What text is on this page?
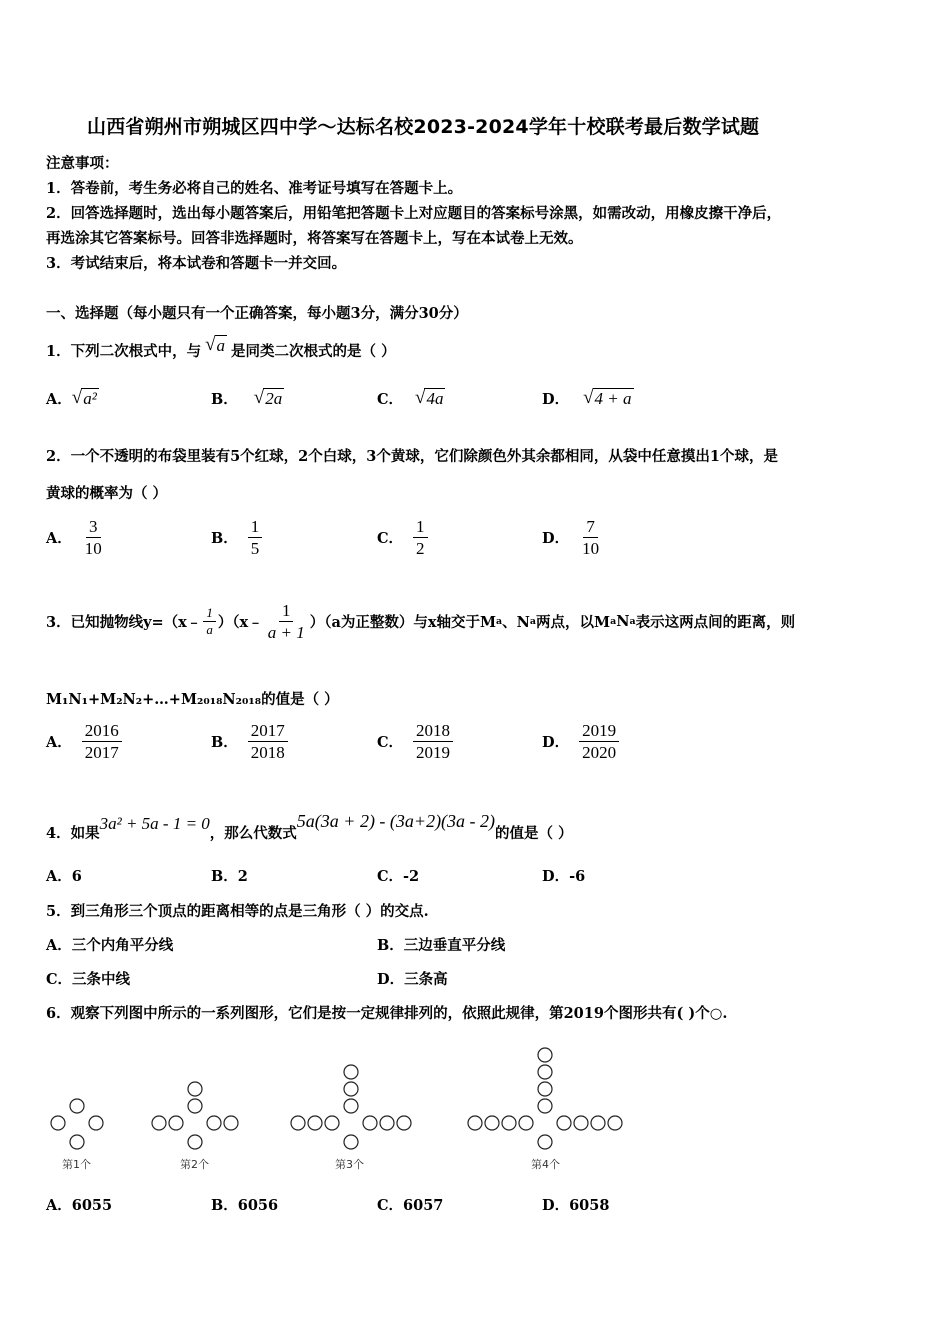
山西省朔州市朔城区四中学～达标名校2023-2024学年十校联考最后数学试题
注意事项：
1．答卷前，考生务必将自己的姓名、准考证号填写在答题卡上。
2．回答选择题时，选出每小题答案后，用铅笔把答题卡上对应题目的答案标号涂黑，如需改动，用橡皮擦干净后，
再选涂其它答案标号。回答非选择题时，将答案写在答题卡上，写在本试卷上无效。
3．考试结束后，将本试卷和答题卡一并交回。
一、选择题（每小题只有一个正确答案，每小题3分，满分30分）
1．下列二次根式中，与 √ a 是同类二次根式的是（ ）
A． √ a²	B． √ 2a	C． √ 4a	D． √ 4 + a
2．一个不透明的布袋里装有5个红球，2个白球，3个黄球，它们除颜色外其余都相同，从袋中任意摸出1个球，是
黄球的概率为（ ）
A． $\frac{3}{10}$	B． $\frac{1}{5}$	C． $\frac{1}{2}$	D． $\frac{7}{10}$
3．已知抛物线y=（x﹣ $\frac{1}{a}$ ）（x﹣ $\frac{1}{a + 1} )(a$为正整数）与x轴交于M a 、N a 两点，以M a N a 表示这两点间的距离，则
M₁N₁+M₂N₂+…+M₂₀₁₈N₂₀₁₈的值是（ ）
A． $\frac{2016}{2017}$	B． $\frac{2017}{2018}$	C． $\frac{2018}{2019}$	D． $\frac{2019}{2020}$
4．如果
3a² + 5a - 1 = 0
，那么代数式
5a(3a + 2) - (3a+2)(3a - 2)
的值是（ ）
A．6	B．2	C．-2	D．-6
5．到三角形三个顶点的距离相等的点是三角形（ ）的交点.
A．三个内角平分线	B．三边垂直平分线
C．三条中线	D．三条高
6．观察下列图中所示的一系列图形，它们是按一定规律排列的，依照此规律，第2019个图形共有( )个○.
第1个	第2个	第3个	第4个
A．6055	B．6056	C．6057	D．6058
